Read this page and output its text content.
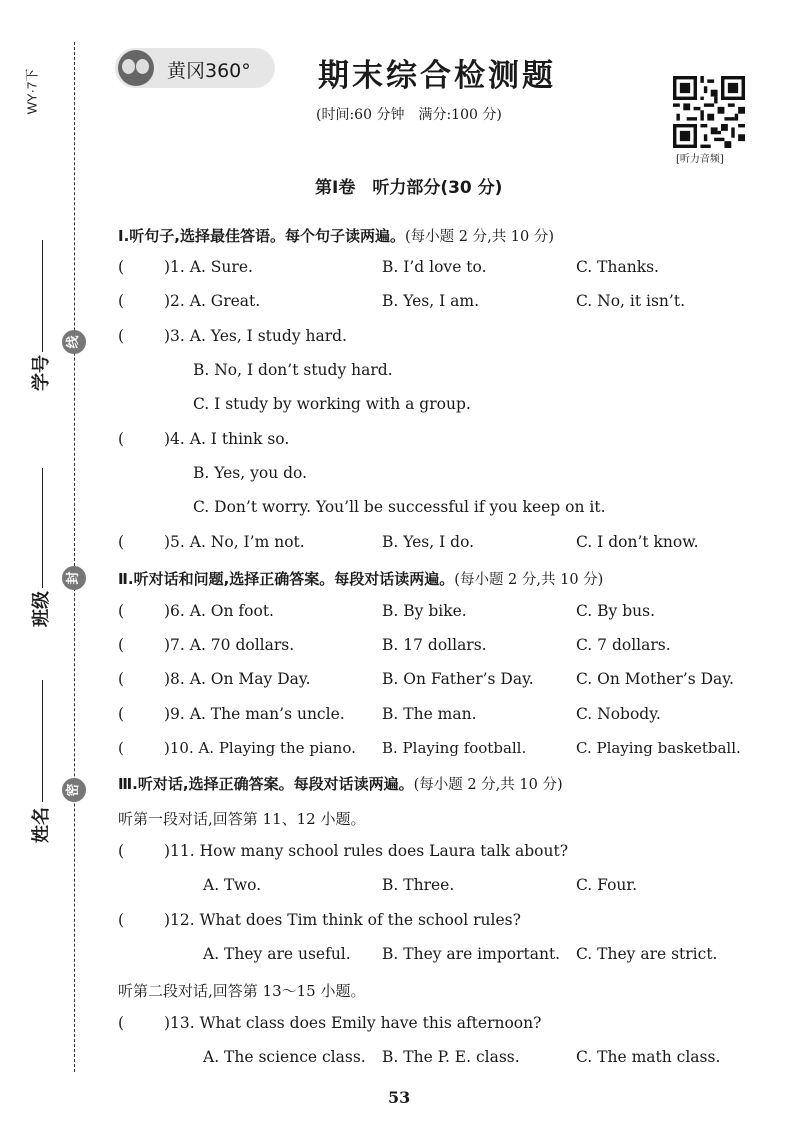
WY·7下
学号
线
班级
封
姓名
密
黄冈360° 期末综合检测题
(时间:60 分钟　满分:100 分)
[听力音频]
第Ⅰ卷　听力部分(30 分)
Ⅰ.听句子,选择最佳答语。每个句子读两遍。(每小题 2 分,共 10 分)
(	)1. A. Sure.	B. I’d love to.	C. Thanks.
(	)2. A. Great.	B. Yes, I am.	C. No, it isn’t.
(	)3. A. Yes, I study hard.
B. No, I don’t study hard.
C. I study by working with a group.
(	)4. A. I think so.
B. Yes, you do.
C. Don’t worry. You’ll be successful if you keep on it.
(	)5. A. No, I’m not.	B. Yes, I do.	C. I don’t know.
Ⅱ.听对话和问题,选择正确答案。每段对话读两遍。(每小题 2 分,共 10 分)
(	)6. A. On foot.	B. By bike.	C. By bus.
(	)7. A. 70 dollars.	B. 17 dollars.	C. 7 dollars.
(	)8. A. On May Day.	B. On Father’s Day.	C. On Mother’s Day.
(	)9. A. The man’s uncle. B. The man.	C. Nobody.
(	)10. A. Playing the piano. B. Playing football.	C. Playing basketball.
Ⅲ.听对话,选择正确答案。每段对话读两遍。(每小题 2 分,共 10 分)
听第一段对话,回答第 11、12 小题。
(	)11. How many school rules does Laura talk about?
A. Two.	B. Three.	C. Four.
(	)12. What does Tim think of the school rules?
A. They are useful. B. They are important. C. They are strict.
听第二段对话,回答第 13～15 小题。
(	)13. What class does Emily have this afternoon?
A. The science class. B. The P. E. class.	C. The math class.
53
